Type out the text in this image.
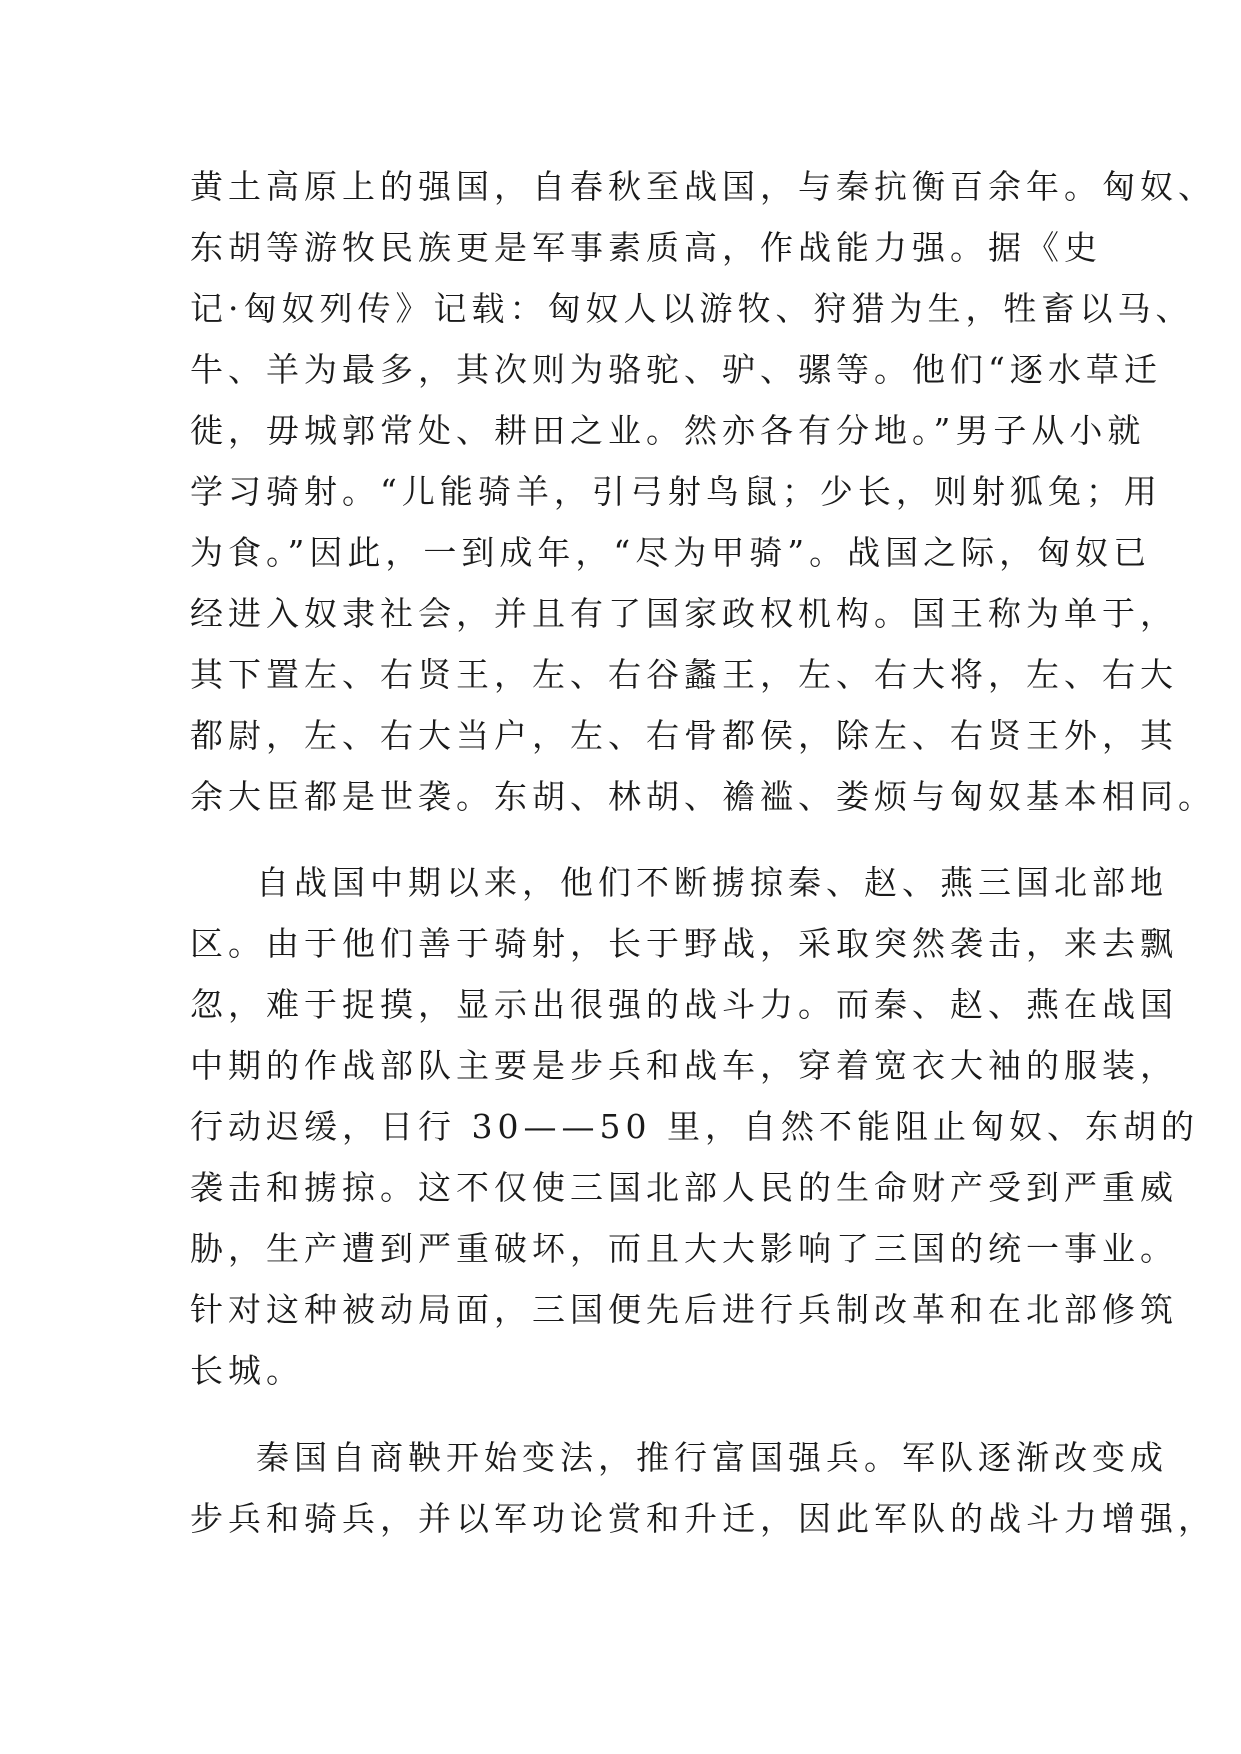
黄土高原上的强国，自春秋至战国，与秦抗衡百余年。匈奴、
东胡等游牧民族更是军事素质高，作战能力强。据《史
记·匈奴列传》记载：匈奴人以游牧、狩猎为生，牲畜以马、
牛、羊为最多，其次则为骆驼、驴、骡等。他们“逐水草迁
徙，毋城郭常处、耕田之业。然亦各有分地。”男子从小就
学习骑射。“儿能骑羊，引弓射鸟鼠；少长，则射狐兔；用
为食。”因此，一到成年，“尽为甲骑”。战国之际，匈奴已
经进入奴隶社会，并且有了国家政权机构。国王称为单于，
其下置左、右贤王，左、右谷蠡王，左、右大将，左、右大
都尉，左、右大当户，左、右骨都侯，除左、右贤王外，其
余大臣都是世袭。东胡、林胡、襜褴、娄烦与匈奴基本相同。
自战国中期以来，他们不断掳掠秦、赵、燕三国北部地
区。由于他们善于骑射，长于野战，采取突然袭击，来去飘
忽，难于捉摸，显示出很强的战斗力。而秦、赵、燕在战国
中期的作战部队主要是步兵和战车，穿着宽衣大袖的服装，
行动迟缓，日行 30——50 里，自然不能阻止匈奴、东胡的
袭击和掳掠。这不仅使三国北部人民的生命财产受到严重威
胁，生产遭到严重破坏，而且大大影响了三国的统一事业。
针对这种被动局面，三国便先后进行兵制改革和在北部修筑
长城。
秦国自商鞅开始变法，推行富国强兵。军队逐渐改变成
步兵和骑兵，并以军功论赏和升迁，因此军队的战斗力增强，
